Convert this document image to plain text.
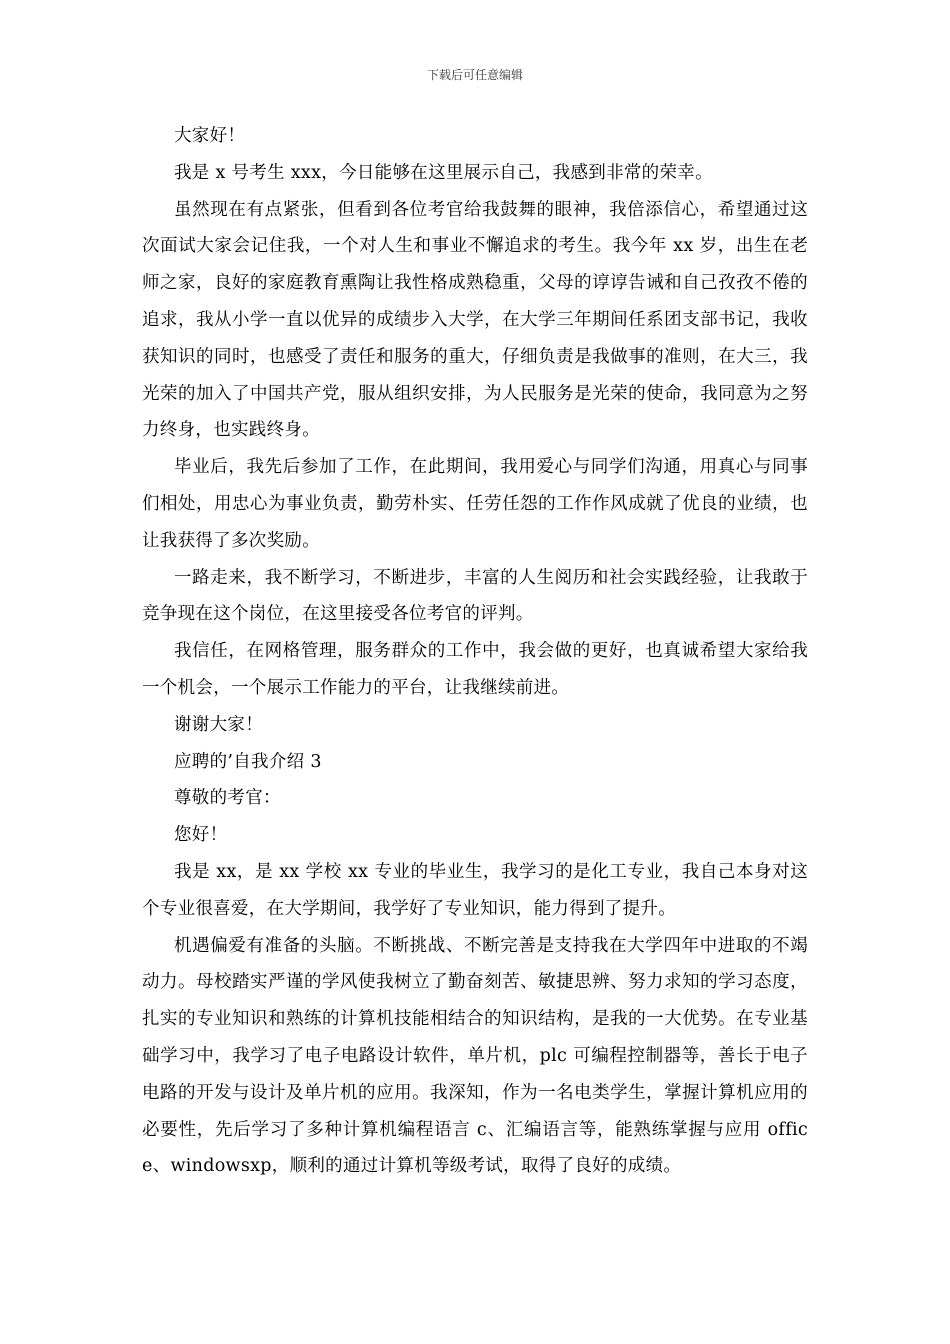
下载后可任意编辑

大家好！

我是 x 号考生 xxx，今日能够在这里展示自己，我感到非常的荣幸。

虽然现在有点紧张，但看到各位考官给我鼓舞的眼神，我倍添信心，希望通过这次面试大家会记住我，一个对人生和事业不懈追求的考生。我今年 xx 岁，出生在老师之家，良好的家庭教育熏陶让我性格成熟稳重，父母的谆谆告诫和自己孜孜不倦的追求，我从小学一直以优异的成绩步入大学，在大学三年期间任系团支部书记，我收获知识的同时，也感受了责任和服务的重大，仔细负责是我做事的准则，在大三，我光荣的加入了中国共产党，服从组织安排，为人民服务是光荣的使命，我同意为之努力终身，也实践终身。

毕业后，我先后参加了工作，在此期间，我用爱心与同学们沟通，用真心与同事们相处，用忠心为事业负责，勤劳朴实、任劳任怨的工作作风成就了优良的业绩，也让我获得了多次奖励。

一路走来，我不断学习，不断进步，丰富的人生阅历和社会实践经验，让我敢于竞争现在这个岗位，在这里接受各位考官的评判。

我信任，在网格管理，服务群众的工作中，我会做的更好，也真诚希望大家给我一个机会，一个展示工作能力的平台，让我继续前进。

谢谢大家！

应聘的’自我介绍 3

尊敬的考官：

您好！

我是 xx，是 xx 学校 xx 专业的毕业生，我学习的是化工专业，我自己本身对这个专业很喜爱，在大学期间，我学好了专业知识，能力得到了提升。

机遇偏爱有准备的头脑。不断挑战、不断完善是支持我在大学四年中进取的不竭动力。母校踏实严谨的学风使我树立了勤奋刻苦、敏捷思辨、努力求知的学习态度，扎实的专业知识和熟练的计算机技能相结合的知识结构，是我的一大优势。在专业基础学习中，我学习了电子电路设计软件，单片机，plc 可编程控制器等，善长于电子电路的开发与设计及单片机的应用。我深知，作为一名电类学生，掌握计算机应用的必要性，先后学习了多种计算机编程语言 c、汇编语言等，能熟练掌握与应用 office、windowsxp，顺利的通过计算机等级考试，取得了良好的成绩。
